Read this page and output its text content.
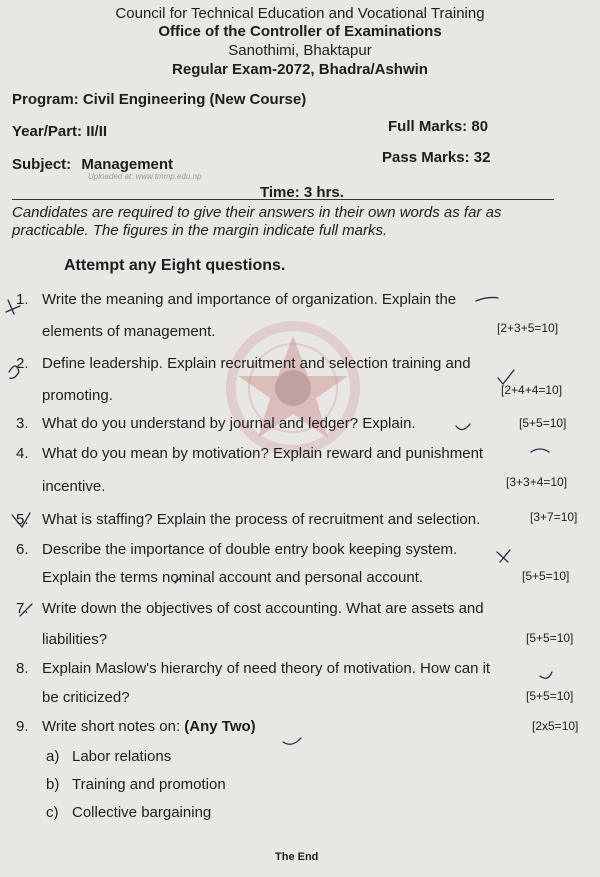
Council for Technical Education and Vocational Training
Office of the Controller of Examinations
Sanothimi, Bhaktapur
Regular Exam-2072, Bhadra/Ashwin
Program: Civil Engineering (New Course)
Year/Part: II/II	Full Marks: 80
Subject: Management	Pass Marks: 32
Uploaded at: www.tmmp.edu.np
Time: 3 hrs.
Candidates are required to give their answers in their own words as far as
practicable. The figures in the margin indicate full marks.
Attempt any Eight questions.
1. Write the meaning and importance of organization. Explain the
elements of management.	[2+3+5=10]
2. Define leadership. Explain recruitment and selection training and
promoting.	[2+4+4=10]
3. What do you understand by journal and ledger? Explain.	[5+5=10]
4. What do you mean by motivation? Explain reward and punishment
incentive.	[3+3+4=10]
5. What is staffing? Explain the process of recruitment and selection.	[3+7=10]
6. Describe the importance of double entry book keeping system.
Explain the terms nominal account and personal account.	[5+5=10]
7. Write down the objectives of cost accounting. What are assets and
liabilities?	[5+5=10]
8. Explain Maslow's hierarchy of need theory of motivation. How can it
be criticized?	[5+5=10]
9. Write short notes on: (Any Two)	[2x5=10]
a) Labor relations
b) Training and promotion
c) Collective bargaining
The End
